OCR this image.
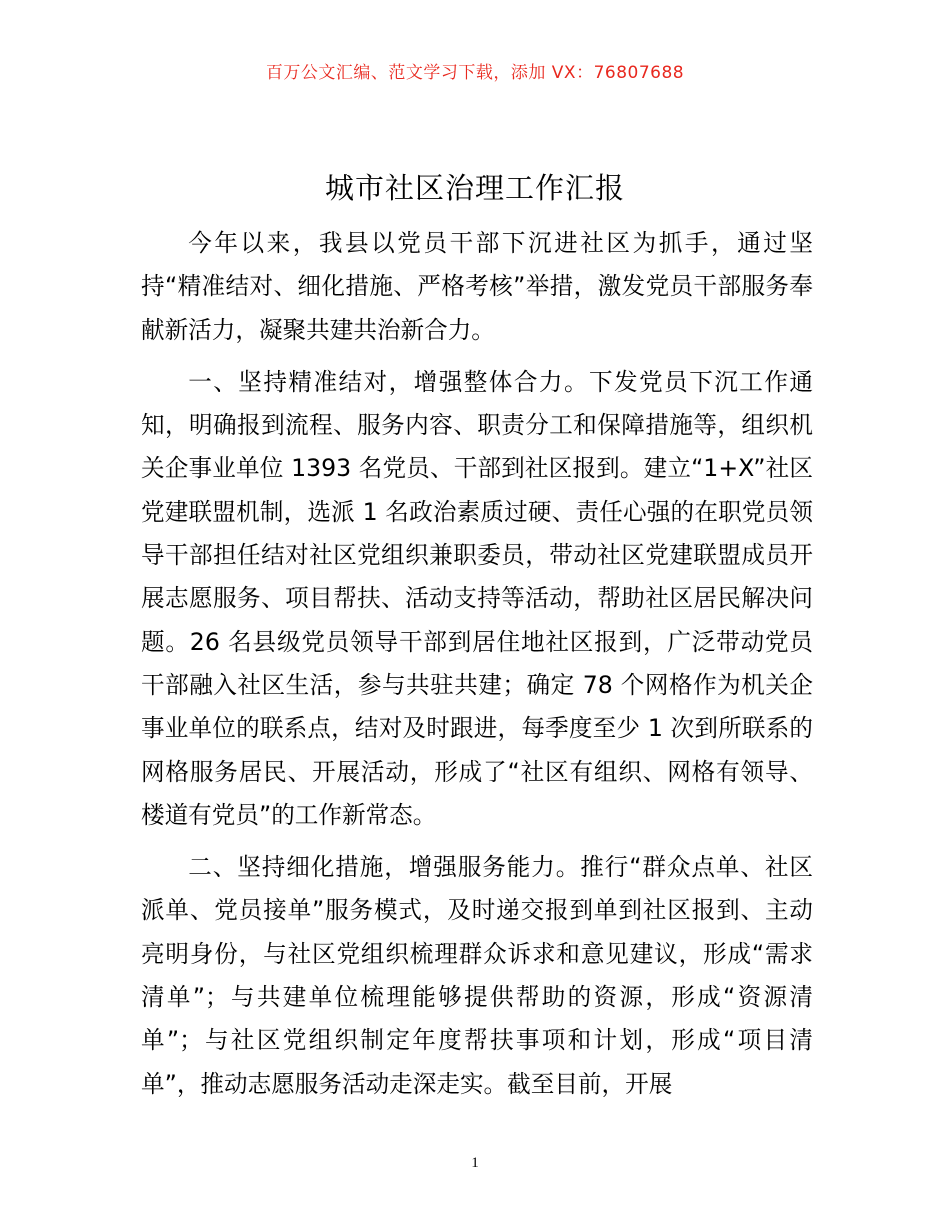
百万公文汇编、范文学习下载，添加 VX：76807688
城市社区治理工作汇报

今年以来，我县以党员干部下沉进社区为抓手，通过坚持“精准结对、细化措施、严格考核”举措，激发党员干部服务奉献新活力，凝聚共建共治新合力。

一、坚持精准结对，增强整体合力。下发党员下沉工作通知，明确报到流程、服务内容、职责分工和保障措施等，组织机关企事业单位 1393 名党员、干部到社区报到。建立“1+X”社区党建联盟机制，选派 1 名政治素质过硬、责任心强的在职党员领导干部担任结对社区党组织兼职委员，带动社区党建联盟成员开展志愿服务、项目帮扶、活动支持等活动，帮助社区居民解决问题。26 名县级党员领导干部到居住地社区报到，广泛带动党员干部融入社区生活，参与共驻共建；确定 78 个网格作为机关企事业单位的联系点，结对及时跟进，每季度至少 1 次到所联系的网格服务居民、开展活动，形成了“社区有组织、网格有领导、楼道有党员”的工作新常态。

二、坚持细化措施，增强服务能力。推行“群众点单、社区派单、党员接单”服务模式，及时递交报到单到社区报到、主动亮明身份，与社区党组织梳理群众诉求和意见建议，形成“需求清单”；与共建单位梳理能够提供帮助的资源，形成“资源清单”；与社区党组织制定年度帮扶事项和计划，形成“项目清单”，推动志愿服务活动走深走实。截至目前，开展

1
